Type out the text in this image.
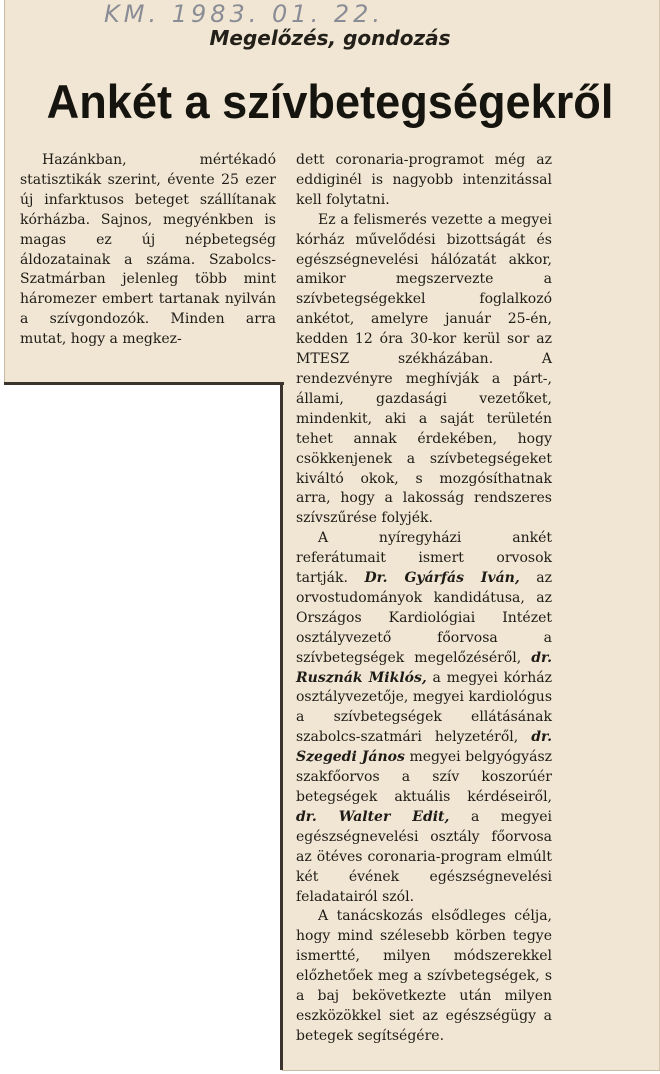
KM. 1983. 01. 22.
Megelőzés, gondozás
Ankét a szívbetegségekről

Hazánkban, mértékadó statisztikák szerint, évente 25 ezer új infarktusos beteget szállítanak kórházba. Sajnos, megyénkben is magas ez új népbetegség áldozatainak a száma. Szabolcs-Szatmárban jelenleg több mint háromezer embert tartanak nyilván a szívgondozók. Minden arra mutat, hogy a megkez-

dett coronaria-programot még az eddiginél is nagyobb intenzitással kell folytatni.

Ez a felismerés vezette a megyei kórház művelődési bizottságát és egészségnevelési hálózatát akkor, amikor megszervezte a szívbetegségekkel foglalkozó ankétot, amelyre január 25-én, kedden 12 óra 30-kor kerül sor az MTESZ székházában. A rendezvényre meghívják a párt-, állami, gazdasági vezetőket, mindenkit, aki a saját területén tehet annak érdekében, hogy csökkenjenek a szívbetegségeket kiváltó okok, s mozgósíthatnak arra, hogy a lakosság rendszeres szívszűrése folyjék.

A nyíregyházi ankét referátumait ismert orvosok tartják. Dr. Gyárfás Iván, az orvostudományok kandidátusa, az Országos Kardiológiai Intézet osztályvezető főorvosa a szívbetegségek megelőzéséről, dr. Rusznák Miklós, a megyei kórház osztályvezetője, megyei kardiológus a szívbetegségek ellátásának szabolcs-szatmári helyzetéről, dr. Szegedi János megyei belgyógyász szakfőorvos a szív koszorúér betegségek aktuális kérdéseiről, dr. Walter Edit, a megyei egészségnevelési osztály főorvosa az ötéves coronaria-program elmúlt két évének egészségnevelési feladatairól szól.

A tanácskozás elsődleges célja, hogy mind szélesebb körben tegye ismertté, milyen módszerekkel előzhetőek meg a szívbetegségek, s a baj bekövetkezte után milyen eszközökkel siet az egészségügy a betegek segítségére.
